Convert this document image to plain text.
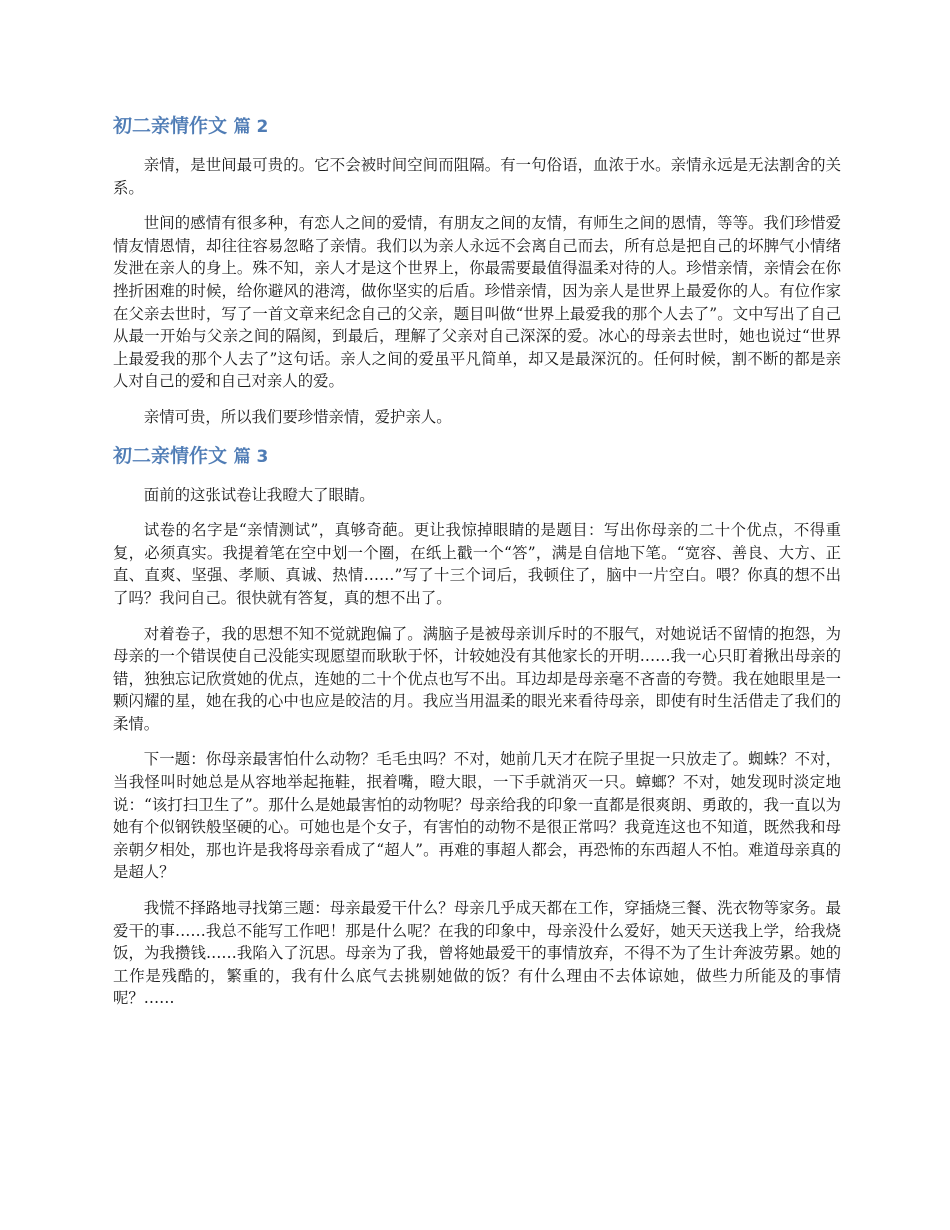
初二亲情作文 篇 2

亲情，是世间最可贵的。它不会被时间空间而阻隔。有一句俗语，血浓于水。亲情永远是无法割舍的关系。

世间的感情有很多种，有恋人之间的爱情，有朋友之间的友情，有师生之间的恩情，等等。我们珍惜爱情友情恩情，却往往容易忽略了亲情。我们以为亲人永远不会离自己而去，所有总是把自己的坏脾气小情绪发泄在亲人的身上。殊不知，亲人才是这个世界上，你最需要最值得温柔对待的人。珍惜亲情，亲情会在你挫折困难的时候，给你避风的港湾，做你坚实的后盾。珍惜亲情，因为亲人是世界上最爱你的人。有位作家在父亲去世时，写了一首文章来纪念自己的父亲，题目叫做“世界上最爱我的那个人去了”。文中写出了自己从最一开始与父亲之间的隔阂，到最后，理解了父亲对自己深深的爱。冰心的母亲去世时，她也说过“世界上最爱我的那个人去了”这句话。亲人之间的爱虽平凡简单，却又是最深沉的。任何时候，割不断的都是亲人对自己的爱和自己对亲人的爱。

亲情可贵，所以我们要珍惜亲情，爱护亲人。

初二亲情作文 篇 3

面前的这张试卷让我瞪大了眼睛。

试卷的名字是“亲情测试”，真够奇葩。更让我惊掉眼睛的是题目：写出你母亲的二十个优点，不得重复，必须真实。我提着笔在空中划一个圈，在纸上戳一个“答”，满是自信地下笔。“宽容、善良、大方、正直、直爽、坚强、孝顺、真诚、热情……”写了十三个词后，我顿住了，脑中一片空白。喂？你真的想不出了吗？我问自己。很快就有答复，真的想不出了。

对着卷子，我的思想不知不觉就跑偏了。满脑子是被母亲训斥时的不服气，对她说话不留情的抱怨，为母亲的一个错误使自己没能实现愿望而耿耿于怀，计较她没有其他家长的开明……我一心只盯着揪出母亲的错，独独忘记欣赏她的优点，连她的二十个优点也写不出。耳边却是母亲毫不吝啬的夸赞。我在她眼里是一颗闪耀的星，她在我的心中也应是皎洁的月。我应当用温柔的眼光来看待母亲，即使有时生活借走了我们的柔情。

下一题：你母亲最害怕什么动物？毛毛虫吗？不对，她前几天才在院子里捉一只放走了。蜘蛛？不对，当我怪叫时她总是从容地举起拖鞋，抿着嘴，瞪大眼，一下手就消灭一只。蟑螂？不对，她发现时淡定地说：“该打扫卫生了”。那什么是她最害怕的动物呢？母亲给我的印象一直都是很爽朗、勇敢的，我一直以为她有个似钢铁般坚硬的心。可她也是个女子，有害怕的动物不是很正常吗？我竟连这也不知道，既然我和母亲朝夕相处，那也许是我将母亲看成了“超人”。再难的事超人都会，再恐怖的东西超人不怕。难道母亲真的是超人？

我慌不择路地寻找第三题：母亲最爱干什么？母亲几乎成天都在工作，穿插烧三餐、洗衣物等家务。最爱干的事……我总不能写工作吧！那是什么呢？在我的印象中，母亲没什么爱好，她天天送我上学，给我烧饭，为我攒钱……我陷入了沉思。母亲为了我，曾将她最爱干的事情放弃，不得不为了生计奔波劳累。她的工作是残酷的，繁重的，我有什么底气去挑剔她做的饭？有什么理由不去体谅她，做些力所能及的事情呢？……
